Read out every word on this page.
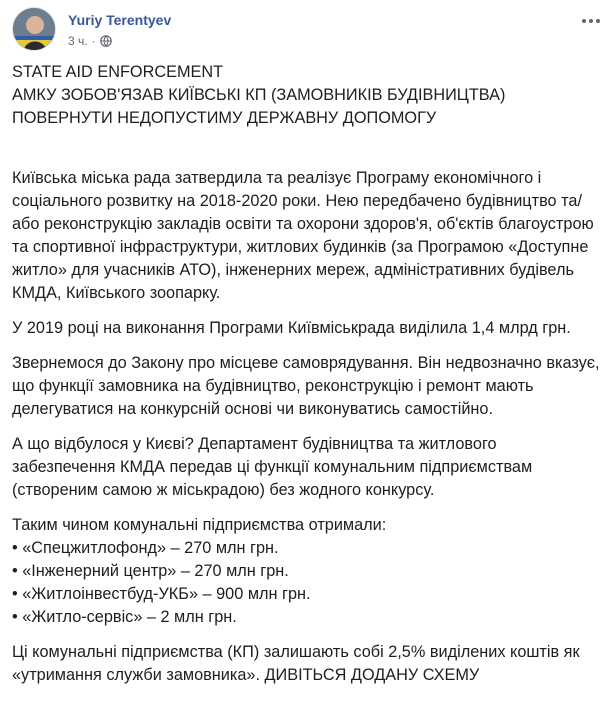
Yuriy Terentyev
3 ч. ·

STATE AID ENFORCEMENT

АМКУ ЗОБОВ'ЯЗАВ КИЇВСЬКІ КП (ЗАМОВНИКІВ БУДІВНИЦТВА) ПОВЕРНУТИ НЕДОПУСТИМУ ДЕРЖАВНУ ДОПОМОГУ

Київська міська рада затвердила та реалізує Програму економічного і соціального розвитку на 2018-2020 роки. Нею передбачено будівництво та/або реконструкцію закладів освіти та охорони здоров'я, об'єктів благоустрою та спортивної інфраструктури, житлових будинків (за Програмою «Доступне житло» для учасників АТО), інженерних мереж, адміністративних будівель КМДА, Київського зоопарку.

У 2019 році на виконання Програми Київміськрада виділила 1,4 млрд грн.

Звернемося до Закону про місцеве самоврядування. Він недвозначно вказує, що функції замовника на будівництво, реконструкцію і ремонт мають делегуватися на конкурсній основі чи виконуватись самостійно.

А що відбулося у Києві? Департамент будівництва та житлового забезпечення КМДА передав ці функції комунальним підприємствам (створеним самою ж міськрадою) без жодного конкурсу.

Таким чином комунальні підприємства отримали:

• «Спецжитлофонд» – 270 млн грн.

• «Інженерний центр» – 270 млн грн.

• «Житлоінвестбуд-УКБ» – 900 млн грн.

• «Житло-сервіс» – 2 млн грн.

Ці комунальні підприємства (КП) залишають собі 2,5% виділених коштів як «утримання служби замовника». ДИВІТЬСЯ ДОДАНУ СХЕМУ
